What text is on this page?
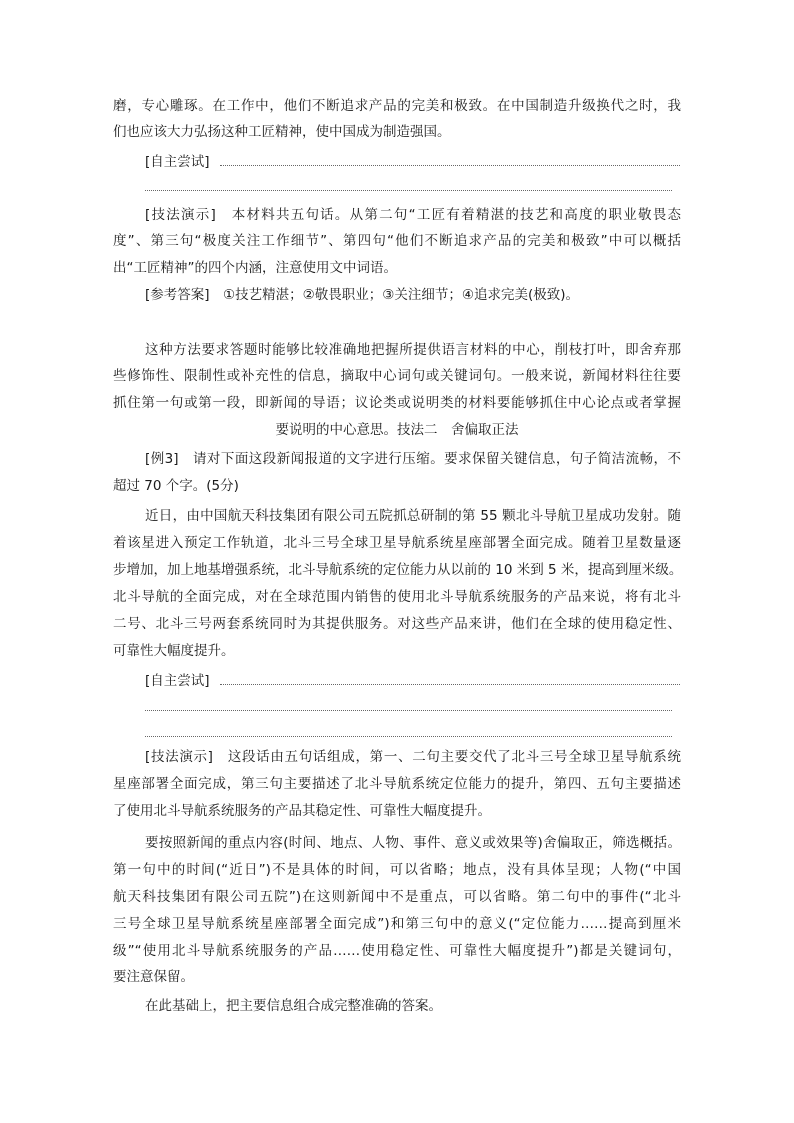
磨，专心雕琢。在工作中，他们不断追求产品的完美和极致。在中国制造升级换代之时，我
们也应该大力弘扬这种工匠精神，使中国成为制造强国。
[自主尝试]
[技法演示]　本材料共五句话。从第二句“工匠有着精湛的技艺和高度的职业敬畏态
度”、第三句“极度关注工作细节”、第四句“他们不断追求产品的完美和极致”中可以概括
出“工匠精神”的四个内涵，注意使用文中词语。
[参考答案]　①技艺精湛；②敬畏职业；③关注细节；④追求完美(极致)。
这种方法要求答题时能够比较准确地把握所提供语言材料的中心，削枝打叶，即舍弃那
些修饰性、限制性或补充性的信息，摘取中心词句或关键词句。一般来说，新闻材料往往要
抓住第一句或第一段，即新闻的导语；议论类或说明类的材料要能够抓住中心论点或者掌握
要说明的中心意思。技法二　舍偏取正法
[例3]　请对下面这段新闻报道的文字进行压缩。要求保留关键信息，句子简洁流畅，不
超过 70 个字。(5分)
近日，由中国航天科技集团有限公司五院抓总研制的第 55 颗北斗导航卫星成功发射。随
着该星进入预定工作轨道，北斗三号全球卫星导航系统星座部署全面完成。随着卫星数量逐
步增加，加上地基增强系统，北斗导航系统的定位能力从以前的 10 米到 5 米，提高到厘米级。
北斗导航的全面完成，对在全球范围内销售的使用北斗导航系统服务的产品来说，将有北斗
二号、北斗三号两套系统同时为其提供服务。对这些产品来讲，他们在全球的使用稳定性、
可靠性大幅度提升。
[自主尝试]
[技法演示]　这段话由五句话组成，第一、二句主要交代了北斗三号全球卫星导航系统
星座部署全面完成，第三句主要描述了北斗导航系统定位能力的提升，第四、五句主要描述
了使用北斗导航系统服务的产品其稳定性、可靠性大幅度提升。
要按照新闻的重点内容(时间、地点、人物、事件、意义或效果等)舍偏取正，筛选概括。
第一句中的时间(“近日”)不是具体的时间，可以省略；地点，没有具体呈现；人物(“中国
航天科技集团有限公司五院”)在这则新闻中不是重点，可以省略。第二句中的事件(“北斗
三号全球卫星导航系统星座部署全面完成”)和第三句中的意义(“定位能力……提高到厘米
级”“使用北斗导航系统服务的产品……使用稳定性、可靠性大幅度提升”)都是关键词句，
要注意保留。
在此基础上，把主要信息组合成完整准确的答案。
